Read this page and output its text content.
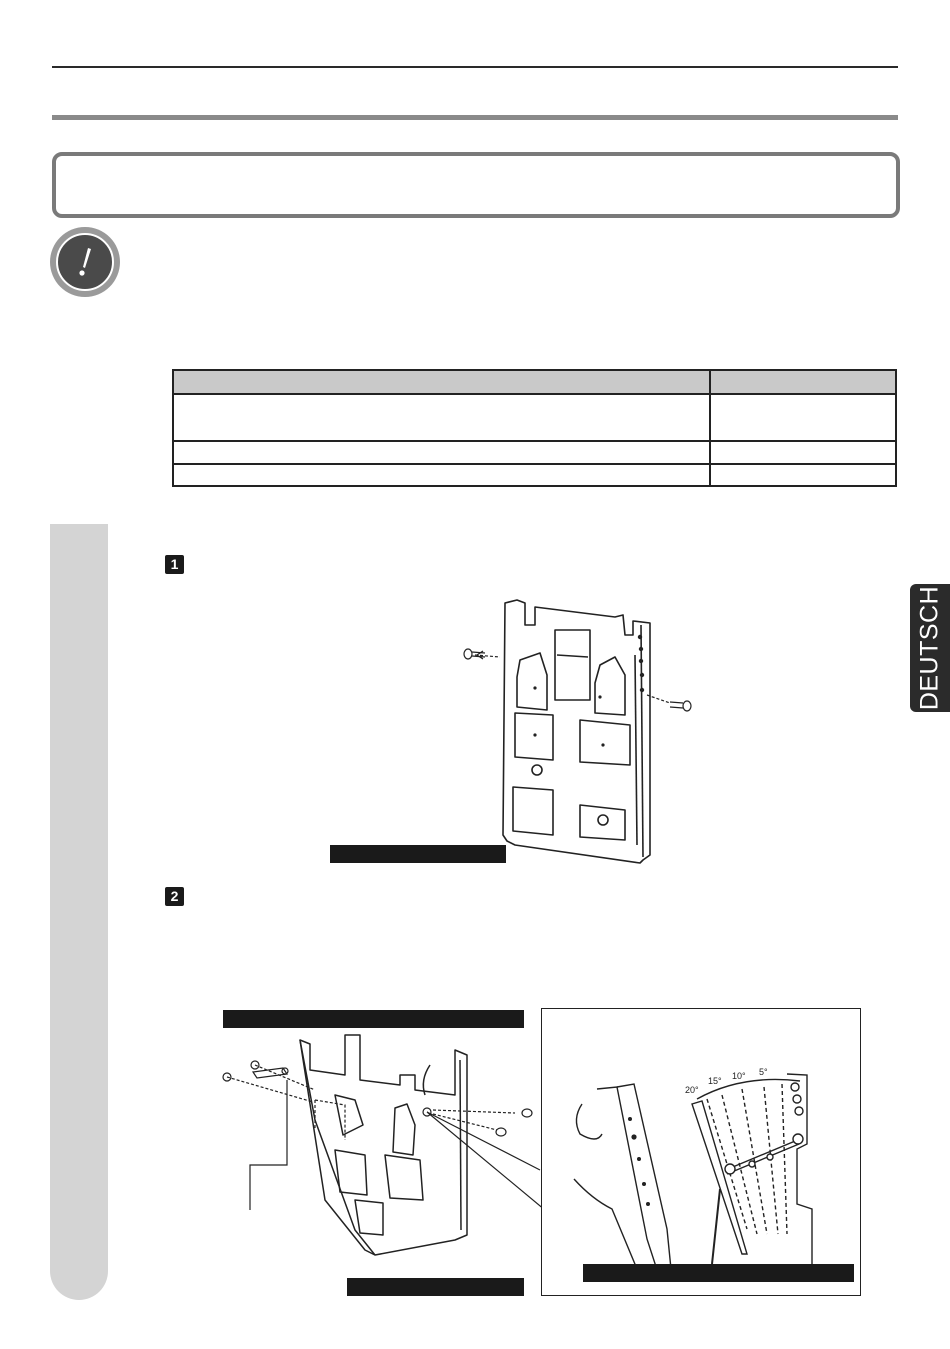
1
2
DEUTSCH
20°
15° 10° 5°
